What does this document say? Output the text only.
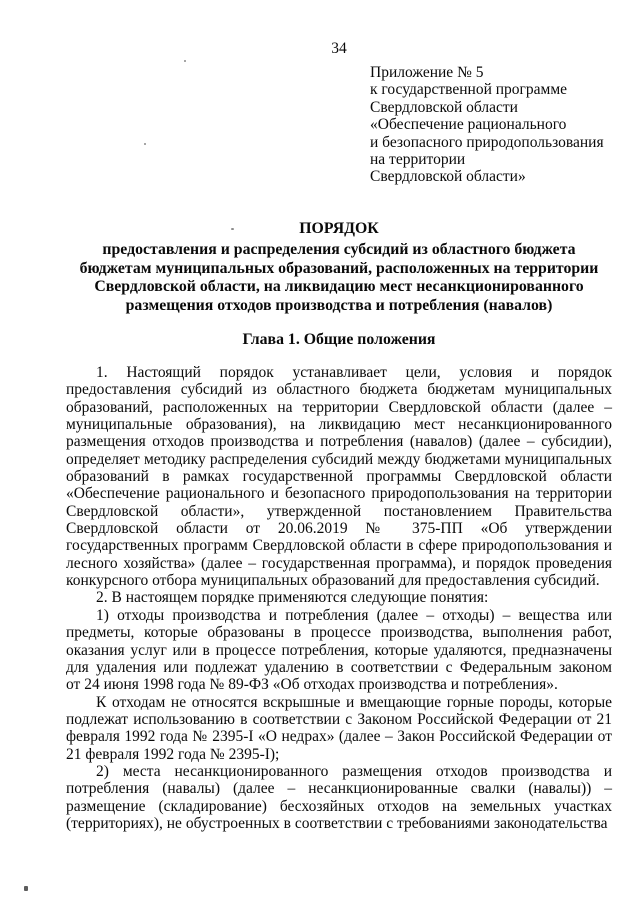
34
Приложение № 5
к государственной программе
Свердловской области
«Обеспечение рационального
и безопасного природопользования
на территории
Свердловской области»
ПОРЯДОК
предоставления и распределения субсидий из областного бюджета бюджетам муниципальных образований, расположенных на территории Свердловской области, на ликвидацию мест несанкционированного размещения отходов производства и потребления (навалов)
Глава 1. Общие положения

1. Настоящий порядок устанавливает цели, условия и порядок предоставления субсидий из областного бюджета бюджетам муниципальных образований, расположенных на территории Свердловской области (далее – муниципальные образования), на ликвидацию мест несанкционированного размещения отходов производства и потребления (навалов) (далее – субсидии), определяет методику распределения субсидий между бюджетами муниципальных образований в рамках государственной программы Свердловской области «Обеспечение рационального и безопасного природопользования на территории Свердловской области», утвержденной постановлением Правительства Свердловской области от 20.06.2019 № 375-ПП «Об утверждении государственных программ Свердловской области в сфере природопользования и лесного хозяйства» (далее – государственная программа), и порядок проведения конкурсного отбора муниципальных образований для предоставления субсидий.

2. В настоящем порядке применяются следующие понятия:

1) отходы производства и потребления (далее – отходы) – вещества или предметы, которые образованы в процессе производства, выполнения работ, оказания услуг или в процессе потребления, которые удаляются, предназначены для удаления или подлежат удалению в соответствии с Федеральным законом от 24 июня 1998 года № 89-ФЗ «Об отходах производства и потребления».

К отходам не относятся вскрышные и вмещающие горные породы, которые подлежат использованию в соответствии с Законом Российской Федерации от 21 февраля 1992 года № 2395-I «О недрах» (далее – Закон Российской Федерации от 21 февраля 1992 года № 2395-I);

2) места несанкционированного размещения отходов производства и потребления (навалы) (далее – несанкционированные свалки (навалы)) – размещение (складирование) бесхозяйных отходов на земельных участках (территориях), не обустроенных в соответствии с требованиями законодательства
